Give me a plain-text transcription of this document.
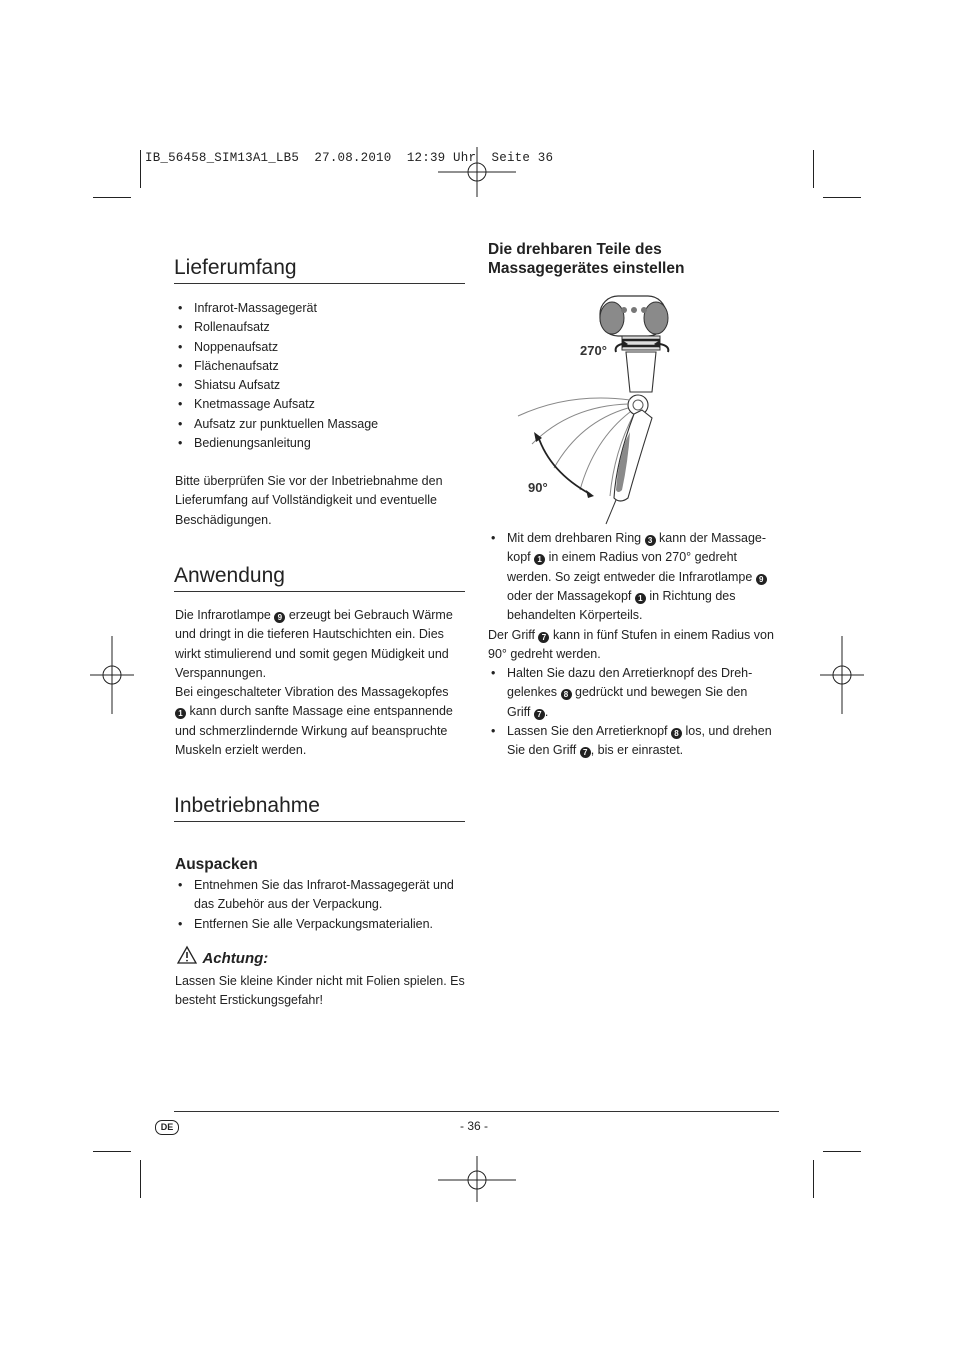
IB_56458_SIM13A1_LB5  27.08.2010  12:39 Uhr  Seite 36
Lieferumfang
• Infrarot-Massagegerät
• Rollenaufsatz
• Noppenaufsatz
• Flächenaufsatz
• Shiatsu Aufsatz
• Knetmassage Aufsatz
• Aufsatz zur punktuellen Massage
• Bedienungsanleitung
Bitte überprüfen Sie vor der Inbetriebnahme den
Lieferumfang auf Vollständigkeit und eventuelle
Beschädigungen.
Anwendung
Die Infrarotlampe 9 erzeugt bei Gebrauch Wärme
und dringt in die tieferen Hautschichten ein. Dies
wirkt stimulierend und somit gegen Müdigkeit und
Verspannungen.
Bei eingeschalteter Vibration des Massagekopfes
1 kann durch sanfte Massage eine entspannende
und schmerzlindernde Wirkung auf beanspruchte
Muskeln erzielt werden.
Inbetriebnahme
Auspacken
• Entnehmen Sie das Infrarot-Massagegerät und
das Zubehör aus der Verpackung.
• Entfernen Sie alle Verpackungsmaterialien.
Achtung:
Lassen Sie kleine Kinder nicht mit Folien spielen. Es
besteht Erstickungsgefahr!
Die drehbaren Teile des
Massagegerätes einstellen
270°
90°
• Mit dem drehbaren Ring 3 kann der Massage-
kopf 1 in einem Radius von 270° gedreht
werden. So zeigt entweder die Infrarotlampe 9
oder der Massagekopf 1 in Richtung des
behandelten Körperteils.
Der Griff 7 kann in fünf Stufen in einem Radius von
90° gedreht werden.
• Halten Sie dazu den Arretierknopf des Dreh-
gelenkes 8 gedrückt und bewegen Sie den
Griff 7 .
• Lassen Sie den Arretierknopf 8 los, und drehen
Sie den Griff 7 , bis er einrastet.
DE	- 36 -
